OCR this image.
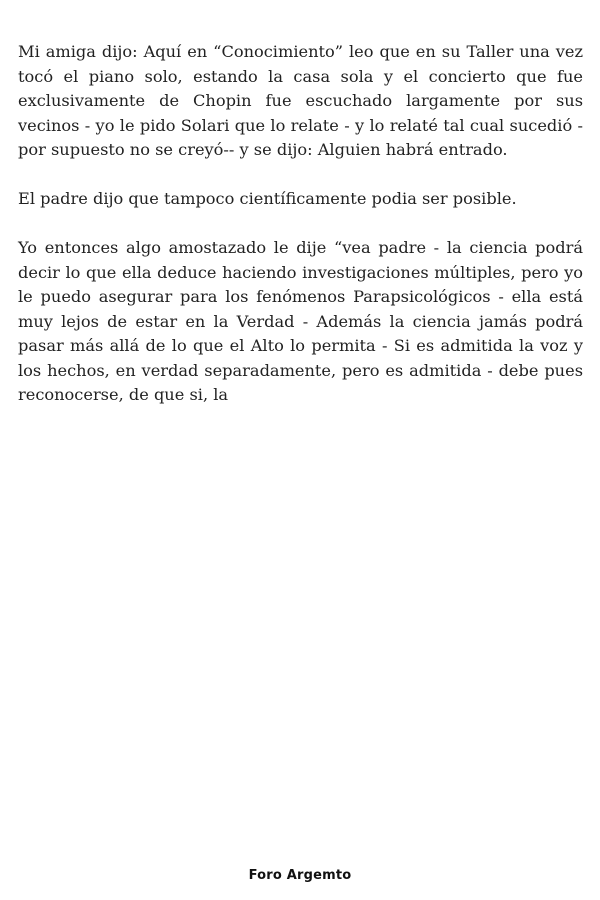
Mi amiga dijo: Aquí en “Conocimiento” leo que en su Taller una vez tocó el piano solo, estando la casa sola y el concierto que fue exclusivamente de Chopin fue escuchado largamente por sus vecinos - yo le pido Solari que lo relate - y lo relaté tal cual sucedió - por supuesto no se creyó-- y se dijo: Alguien habrá entrado.

El padre dijo que tampoco científicamente podia ser posible.

Yo entonces algo amostazado le dije “vea padre - la ciencia podrá decir lo que ella deduce haciendo investigaciones múltiples, pero yo le puedo asegurar para los fenómenos Parapsicológicos - ella está muy lejos de estar en la Verdad - Además la ciencia jamás podrá pasar más allá de lo que el Alto lo permita - Si es admitida la voz y los hechos, en verdad separadamente, pero es admitida - debe pues reconocerse, de que si, la

Foro Argemto
